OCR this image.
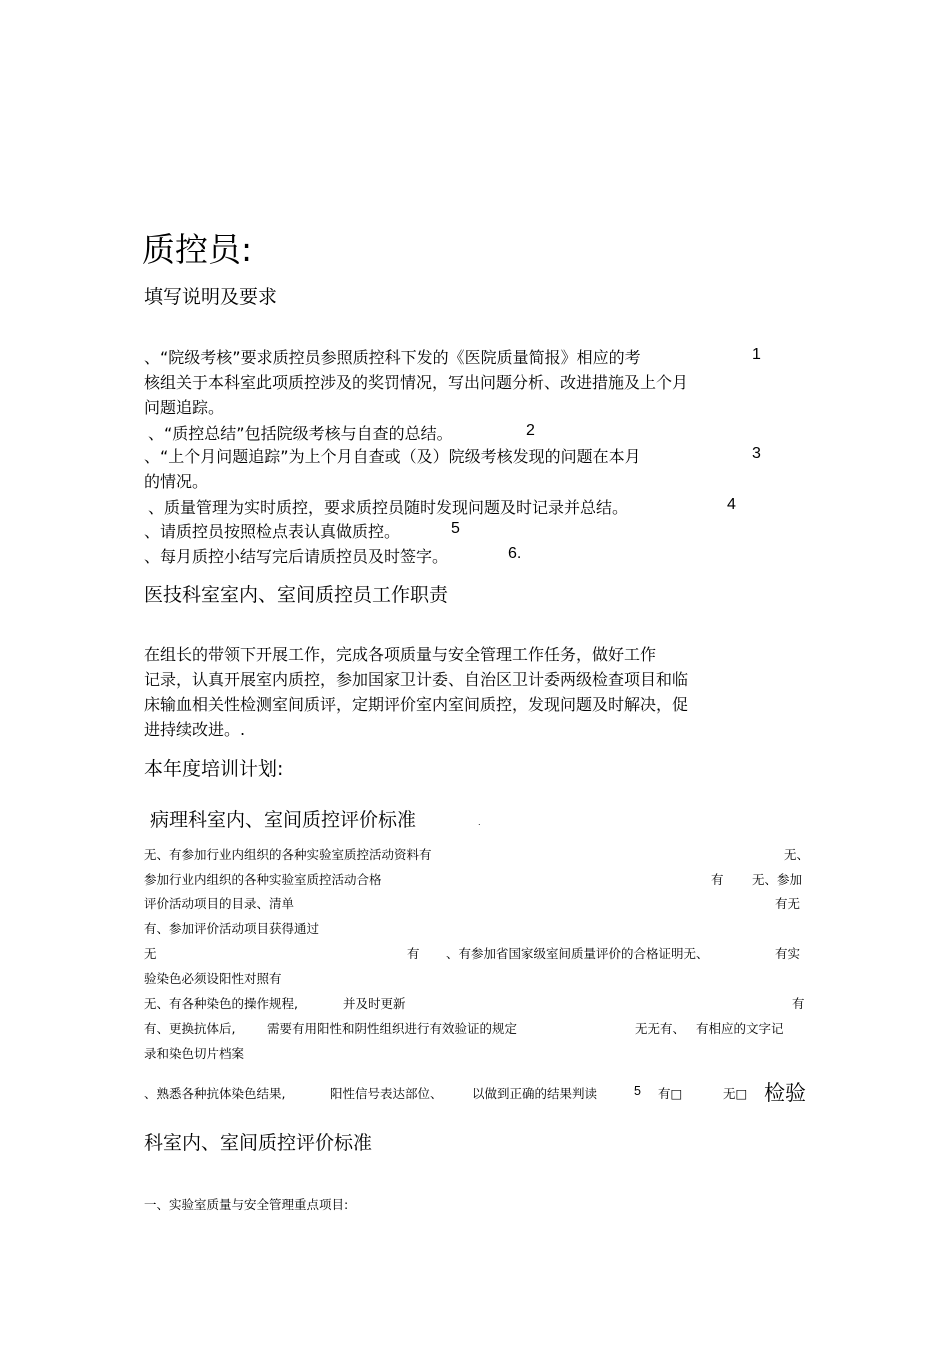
质控员:
填写说明及要求
、“院级考核”要求质控员参照质控科下发的《医院质量简报》相应的考	1
核组关于本科室此项质控涉及的奖罚情况，写出问题分析、改进措施及上个月
问题追踪。
、“质控总结”包括院级考核与自查的总结。	2
、“上个月问题追踪”为上个月自查或（及）院级考核发现的问题在本月	3
的情况。
、质量管理为实时质控，要求质控员随时发现问题及时记录并总结。	4
、请质控员按照检点表认真做质控。	5
、每月质控小结写完后请质控员及时签字。	6.
医技科室室内、室间质控员工作职责
在组长的带领下开展工作，完成各项质量与安全管理工作任务，做好工作
记录，认真开展室内质控，参加国家卫计委、自治区卫计委两级检查项目和临
床输血相关性检测室间质评，定期评价室内室间质控，发现问题及时解决，促
进持续改进。.
本年度培训计划:
病理科室内、室间质控评价标准	.
无、有参加行业内组织的各种实验室质控活动资料有	无、
参加行业内组织的各种实验室质控活动合格	有 无、参加
评价活动项目的目录、清单	有无
有、参加评价活动项目获得通过
无	有 、有参加省国家级室间质量评价的合格证明无、	有实
验染色必须设阳性对照有
无、有各种染色的操作规程,	并及时更新	有
有、更换抗体后,	需要有用阳性和阴性组织进行有效验证的规定	无无有、 有相应的文字记
录和染色切片档案
、熟悉各种抗体染色结果,	阳性信号表达部位、 以做到正确的结果判读	5 有□	无□ 检验
科室内、室间质控评价标准
一、实验室质量与安全管理重点项目:
